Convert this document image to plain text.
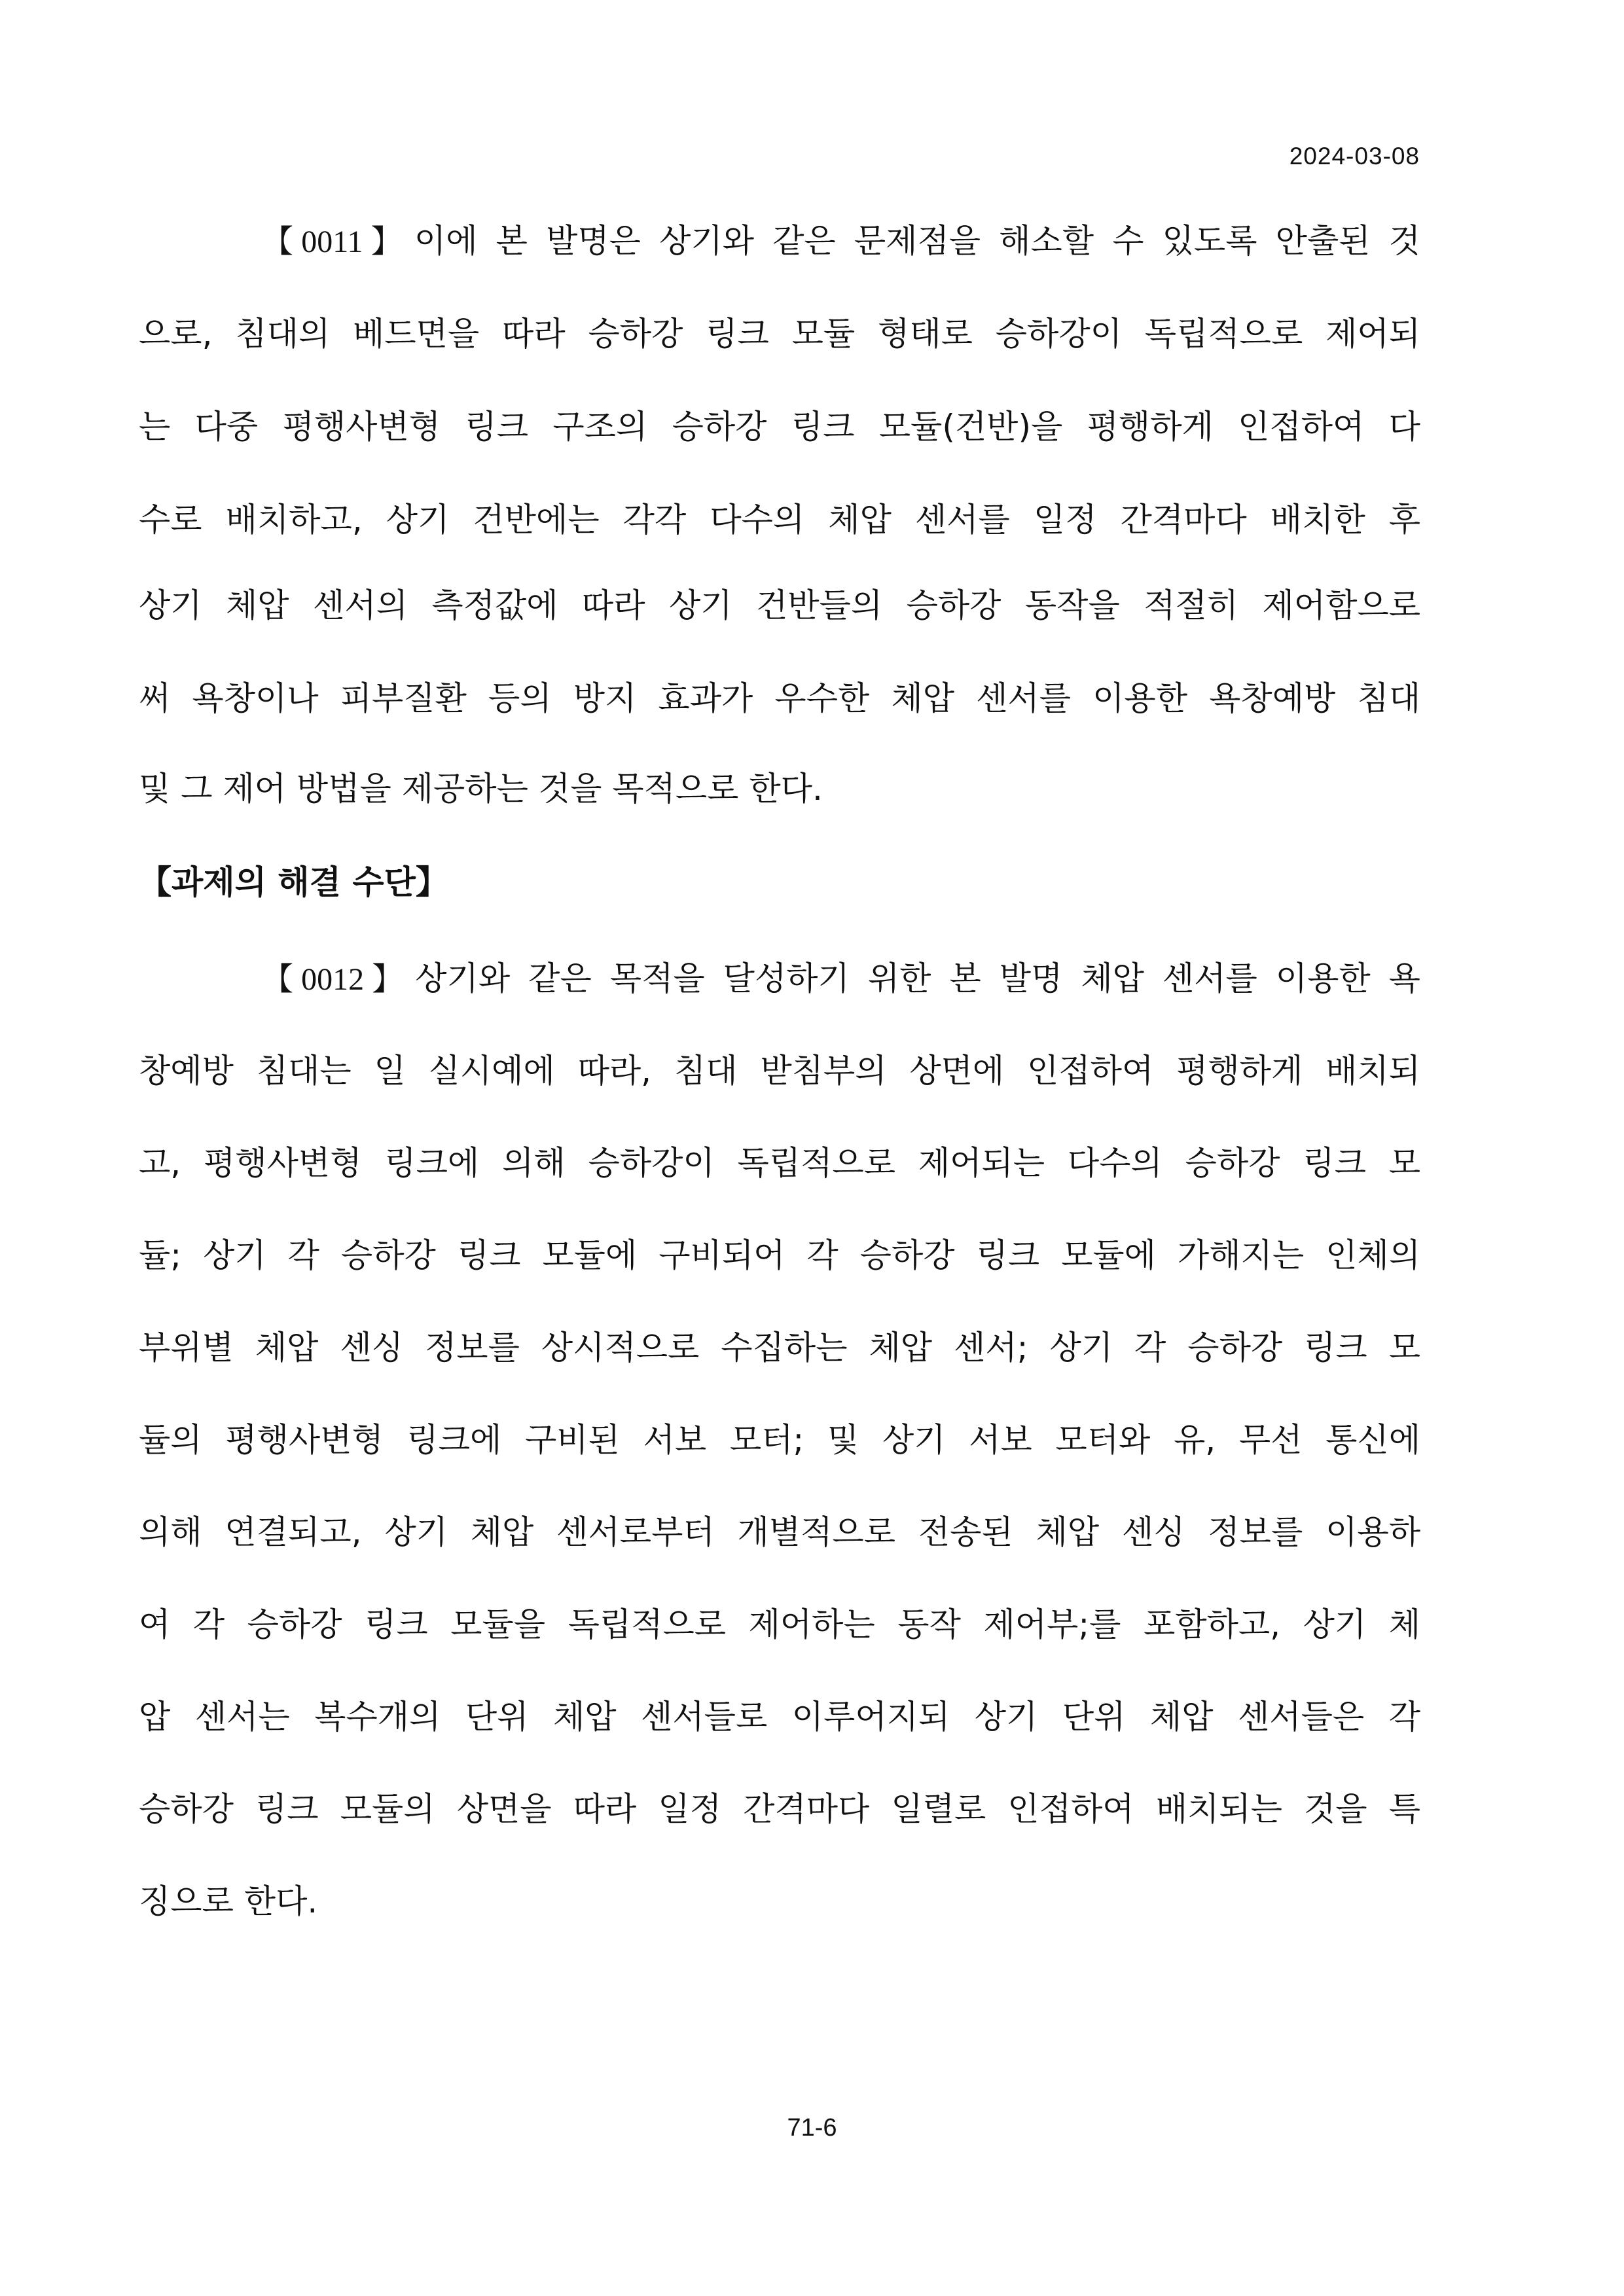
2024-03-08
【0011】 이에 본 발명은 상기와 같은 문제점을 해소할 수 있도록 안출된 것
으로, 침대의 베드면을 따라 승하강 링크 모듈 형태로 승하강이 독립적으로 제어되
는 다중 평행사변형 링크 구조의 승하강 링크 모듈(건반)을 평행하게 인접하여 다
수로 배치하고, 상기 건반에는 각각 다수의 체압 센서를 일정 간격마다 배치한 후
상기 체압 센서의 측정값에 따라 상기 건반들의 승하강 동작을 적절히 제어함으로
써 욕창이나 피부질환 등의 방지 효과가 우수한 체압 센서를 이용한 욕창예방 침대
및 그 제어 방법을 제공하는 것을 목적으로 한다.
【과제의 해결 수단】
【0012】 상기와 같은 목적을 달성하기 위한 본 발명 체압 센서를 이용한 욕
창예방 침대는 일 실시예에 따라, 침대 받침부의 상면에 인접하여 평행하게 배치되
고, 평행사변형 링크에 의해 승하강이 독립적으로 제어되는 다수의 승하강 링크 모
듈; 상기 각 승하강 링크 모듈에 구비되어 각 승하강 링크 모듈에 가해지는 인체의
부위별 체압 센싱 정보를 상시적으로 수집하는 체압 센서; 상기 각 승하강 링크 모
듈의 평행사변형 링크에 구비된 서보 모터; 및 상기 서보 모터와 유, 무선 통신에
의해 연결되고, 상기 체압 센서로부터 개별적으로 전송된 체압 센싱 정보를 이용하
여 각 승하강 링크 모듈을 독립적으로 제어하는 동작 제어부;를 포함하고, 상기 체
압 센서는 복수개의 단위 체압 센서들로 이루어지되 상기 단위 체압 센서들은 각
승하강 링크 모듈의 상면을 따라 일정 간격마다 일렬로 인접하여 배치되는 것을 특
징으로 한다.
71-6
